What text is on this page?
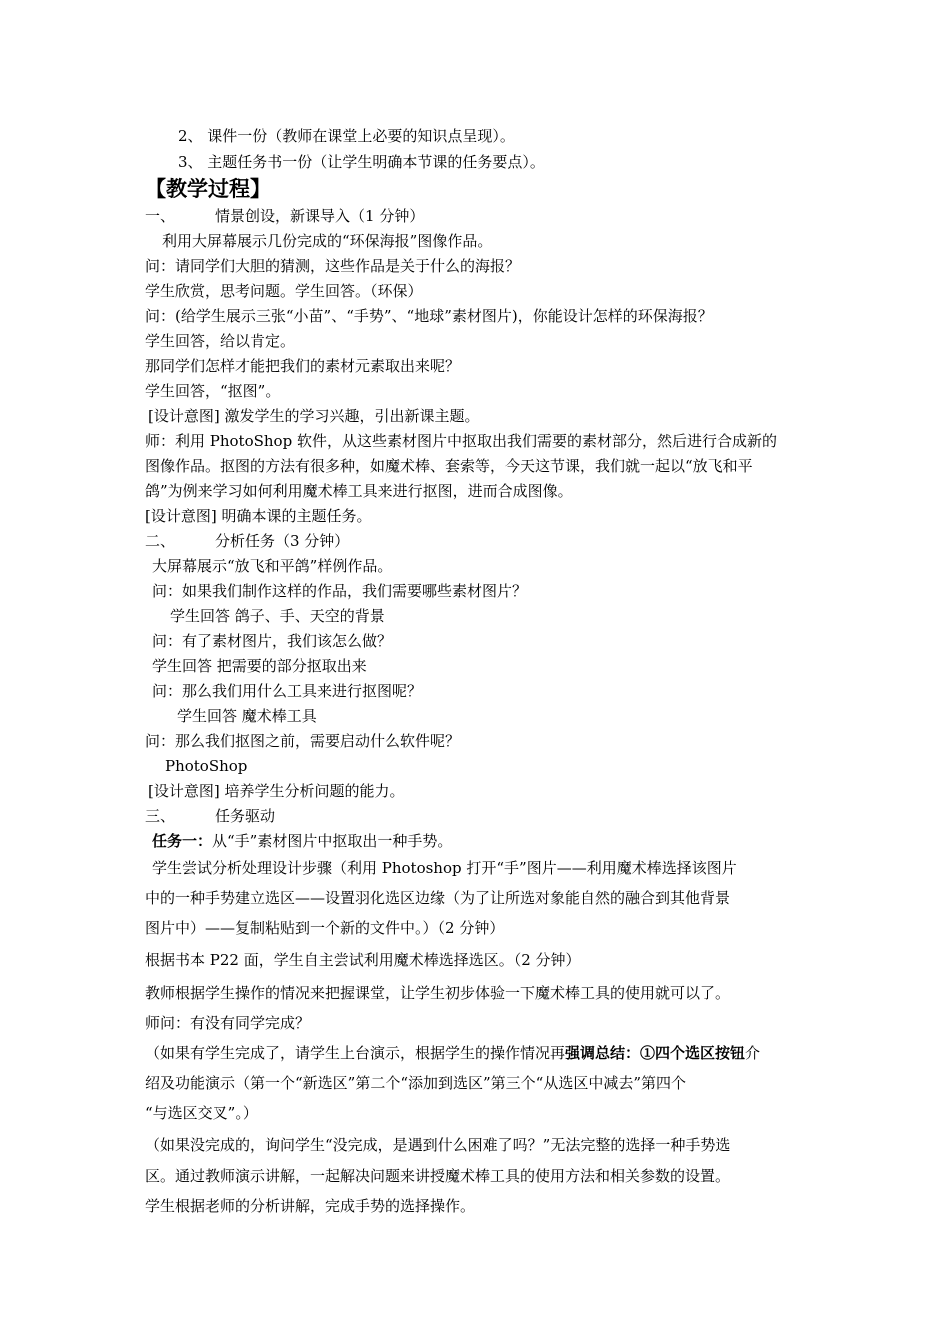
2、 课件一份（教师在课堂上必要的知识点呈现）。
3、 主题任务书一份（让学生明确本节课的任务要点）。
【教学过程】
一、	情景创设，新课导入（1 分钟）
利用大屏幕展示几份完成的“环保海报”图像作品。
问：请同学们大胆的猜测，这些作品是关于什么的海报？
学生欣赏，思考问题。学生回答。（环保）
问：(给学生展示三张“小苗”、“手势”、“地球”素材图片)，你能设计怎样的环保海报？
学生回答，给以肯定。
那同学们怎样才能把我们的素材元素取出来呢？
学生回答，“抠图”。
[设计意图] 激发学生的学习兴趣，引出新课主题。
师：利用 PhotoShop 软件，从这些素材图片中抠取出我们需要的素材部分，然后进行合成新的
图像作品。抠图的方法有很多种，如魔术棒、套索等，今天这节课，我们就一起以“放飞和平
鸽”为例来学习如何利用魔术棒工具来进行抠图，进而合成图像。
[设计意图] 明确本课的主题任务。
二、	分析任务（3 分钟）
大屏幕展示“放飞和平鸽”样例作品。
问：如果我们制作这样的作品，我们需要哪些素材图片？
学生回答 鸽子、手、天空的背景
问：有了素材图片，我们该怎么做？
学生回答 把需要的部分抠取出来
问：那么我们用什么工具来进行抠图呢？
学生回答 魔术棒工具
问：那么我们抠图之前，需要启动什么软件呢？
PhotoShop
[设计意图] 培养学生分析问题的能力。
三、	任务驱动
任务一：从“手”素材图片中抠取出一种手势。
学生尝试分析处理设计步骤（利用 Photoshop 打开“手”图片——利用魔术棒选择该图片
中的一种手势建立选区——设置羽化选区边缘（为了让所选对象能自然的融合到其他背景
图片中）——复制粘贴到一个新的文件中。）（2 分钟）
根据书本 P22 面，学生自主尝试利用魔术棒选择选区。（2 分钟）
教师根据学生操作的情况来把握课堂，让学生初步体验一下魔术棒工具的使用就可以了。
师问：有没有同学完成？
（如果有学生完成了，请学生上台演示，根据学生的操作情况再强调总结：①四个选区按钮介
绍及功能演示（第一个“新选区”第二个“添加到选区”第三个“从选区中减去”第四个
“与选区交叉”。）
（如果没完成的，询问学生“没完成，是遇到什么困难了吗？”无法完整的选择一种手势选
区。通过教师演示讲解，一起解决问题来讲授魔术棒工具的使用方法和相关参数的设置。
学生根据老师的分析讲解，完成手势的选择操作。
